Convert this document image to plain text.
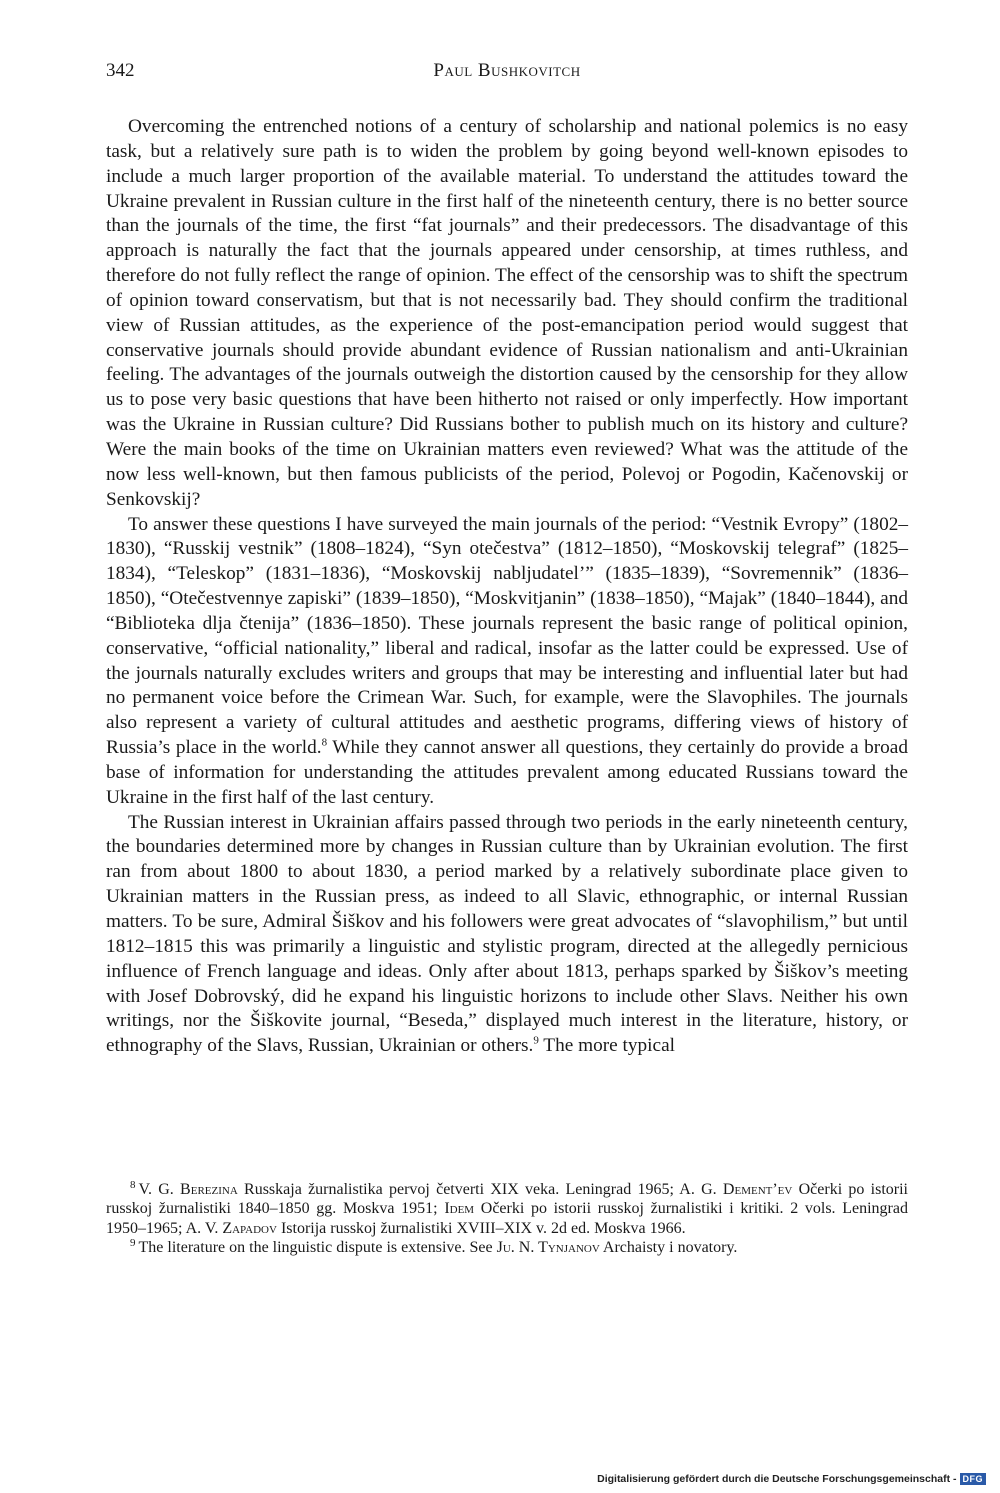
342	Paul Bushkovitch

Overcoming the entrenched notions of a century of scholarship and national polemics is no easy task, but a relatively sure path is to widen the problem by going beyond well-known episodes to include a much larger proportion of the available material. To understand the attitudes toward the Ukraine prevalent in Russian culture in the first half of the nineteenth century, there is no better source than the journals of the time, the first “fat journals” and their predecessors. The disadvantage of this approach is naturally the fact that the journals appeared under censorship, at times ruthless, and therefore do not fully reflect the range of opinion. The effect of the censorship was to shift the spectrum of opinion toward conservatism, but that is not necessarily bad. They should confirm the traditional view of Russian attitudes, as the experience of the post-emancipation period would suggest that conservative journals should provide abundant evidence of Russian nationalism and anti-Ukrainian feeling. The advantages of the journals outweigh the distortion caused by the censorship for they allow us to pose very basic questions that have been hitherto not raised or only imperfectly. How important was the Ukraine in Russian culture? Did Russians bother to publish much on its history and culture? Were the main books of the time on Ukrainian matters even reviewed? What was the attitude of the now less well-known, but then famous publicists of the period, Polevoj or Pogodin, Kačenovskij or Senkovskij?

To answer these questions I have surveyed the main journals of the period: “Vestnik Evropy” (1802–1830), “Russkij vestnik” (1808–1824), “Syn otečestva” (1812–1850), “Moskovskij telegraf” (1825–1834), “Teleskop” (1831–1836), “Moskovskij nabljudatel’” (1835–1839), “Sovremennik” (1836–1850), “Otečestvennye zapiski” (1839–1850), “Moskvitjanin” (1838–1850), “Majak” (1840–1844), and “Biblioteka dlja čtenija” (1836–1850). These journals represent the basic range of political opinion, conservative, “official nationality,” liberal and radical, insofar as the latter could be expressed. Use of the journals naturally excludes writers and groups that may be interesting and influential later but had no permanent voice before the Crimean War. Such, for example, were the Slavophiles. The journals also represent a variety of cultural attitudes and aesthetic programs, differing views of history of Russia’s place in the world.$^8$ While they cannot answer all questions, they certainly do provide a broad base of information for understanding the attitudes prevalent among educated Russians toward the Ukraine in the first half of the last century.

The Russian interest in Ukrainian affairs passed through two periods in the early nineteenth century, the boundaries determined more by changes in Russian culture than by Ukrainian evolution. The first ran from about 1800 to about 1830, a period marked by a relatively subordinate place given to Ukrainian matters in the Russian press, as indeed to all Slavic, ethnographic, or internal Russian matters. To be sure, Admiral Šiškov and his followers were great advocates of “slavophilism,” but until 1812–1815 this was primarily a linguistic and stylistic program, directed at the allegedly pernicious influence of French language and ideas. Only after about 1813, perhaps sparked by Šiškov’s meeting with Josef Dobrovský, did he expand his linguistic horizons to include other Slavs. Neither his own writings, nor the Šiškovite journal, “Beseda,” displayed much interest in the literature, history, or ethnography of the Slavs, Russian, Ukrainian or others.$^9$ The more typical

$^8$ V. G. Berezina Russkaja žurnalistika pervoj četverti XIX veka. Leningrad 1965; A. G. Dement’ev Očerki po istorii russkoj žurnalistiki 1840–1850 gg. Moskva 1951; Idem Očerki po istorii russkoj žurnalistiki i kritiki. 2 vols. Leningrad 1950–1965; A. V. Zapadov Istorija russkoj žurnalistiki XVIII–XIX v. 2d ed. Moskva 1966.

$^9$ The literature on the linguistic dispute is extensive. See Ju. N. Tynjanov Archaisty i novatory.

Digitalisierung gefördert durch die Deutsche Forschungsgemeinschaft - DFG
